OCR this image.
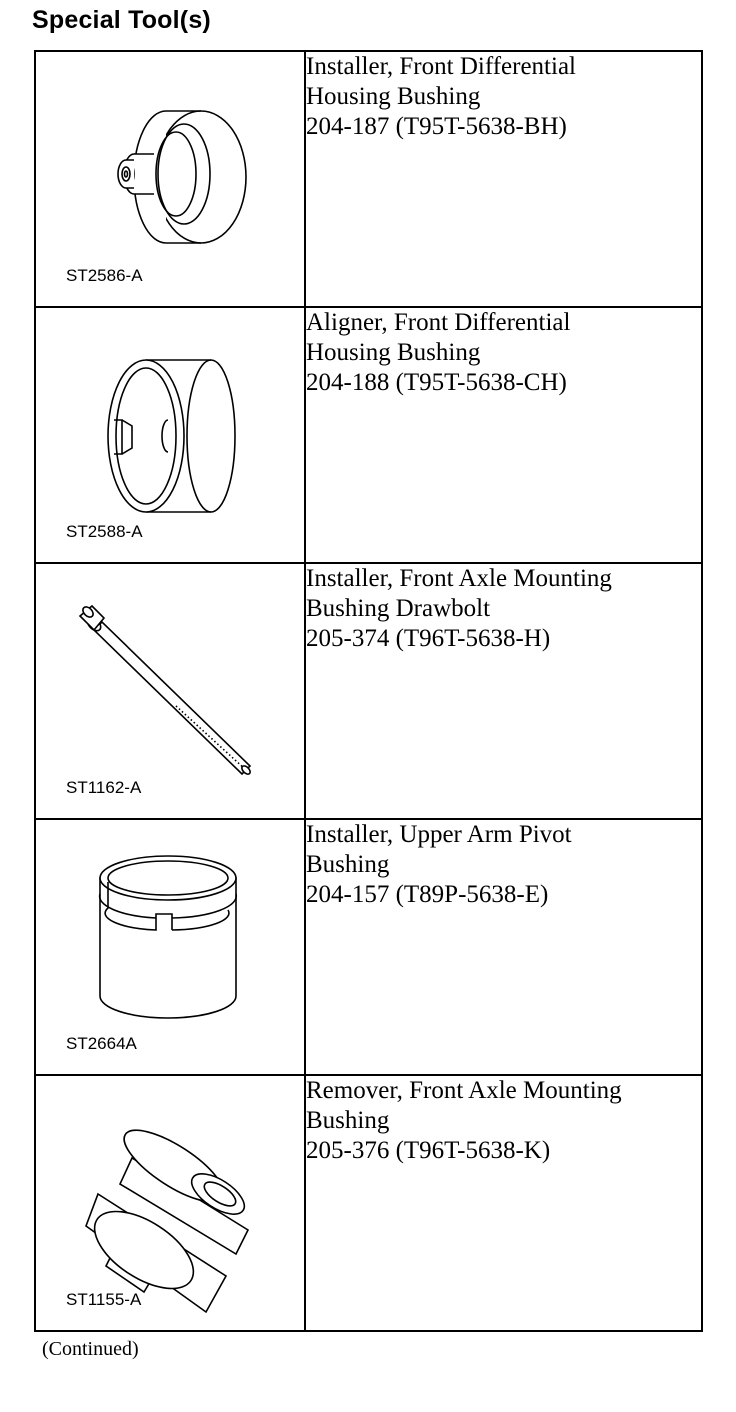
Special Tool(s)
ST2586-A	Installer, Front Differential
Housing Bushing
204-187 (T95T-5638-BH)

ST2588-A	Aligner, Front Differential
Housing Bushing
204-188 (T95T-5638-CH)

ST1162-A	Installer, Front Axle Mounting
Bushing Drawbolt
205-374 (T96T-5638-H)

ST2664A	Installer, Upper Arm Pivot
Bushing
204-157 (T89P-5638-E)

ST1155-A	Remover, Front Axle Mounting
Bushing
205-376 (T96T-5638-K)
(Continued)
